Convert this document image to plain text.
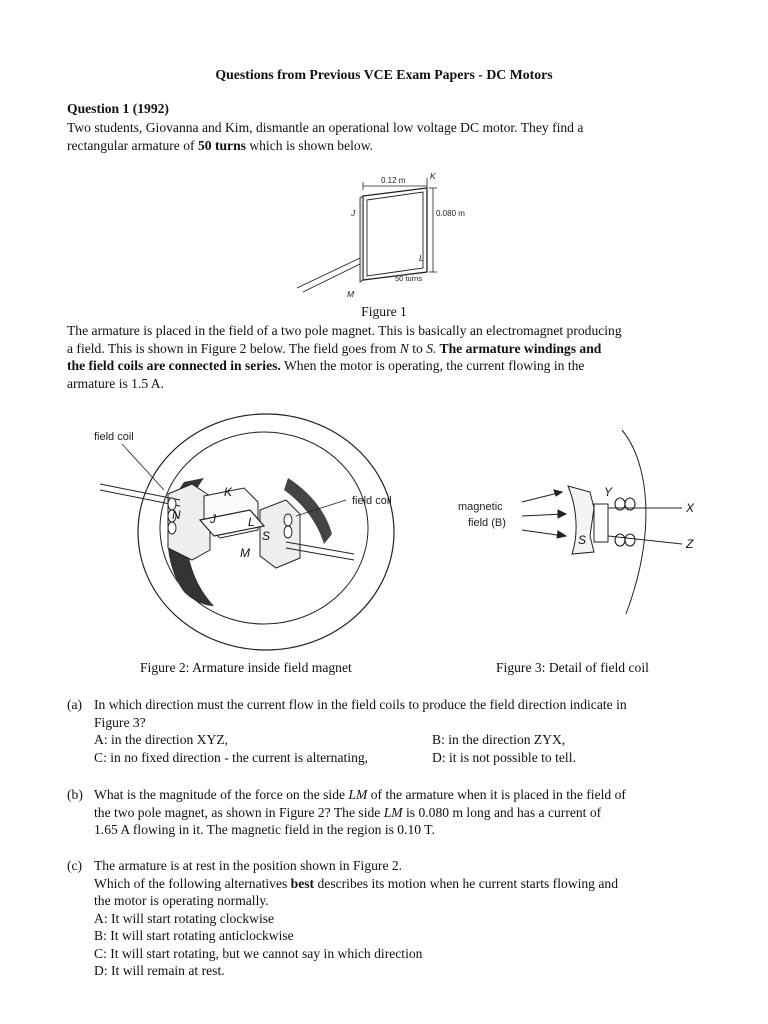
Questions from Previous VCE Exam Papers - DC Motors
Question 1 (1992)
Two students, Giovanna and Kim, dismantle an operational low voltage DC motor. They find a
rectangular armature of 50 turns which is shown below.
0.12 m	K
0.080 m
J
L
50 turns
M
Figure 1
The armature is placed in the field of a two pole magnet. This is basically an electromagnet producing
a field. This is shown in Figure 2 below. The field goes from N to S. The armature windings and
the field coils are connected in series. When the motor is operating, the current flowing in the
armature is 1.5 A.
field coil
field coil
N
K
J	L
M
S
Figure 2: Armature inside field magnet
magnetic
field (B)
X
Y
Z
S
Figure 3: Detail of field coil
(a) In which direction must the current flow in the field coils to produce the field direction indicate in
Figure 3?
A: in the direction XYZ,	B: in the direction ZYX,
C: in no fixed direction - the current is alternating,	D: it is not possible to tell.
(b) What is the magnitude of the force on the side LM of the armature when it is placed in the field of
the two pole magnet, as shown in Figure 2? The side LM is 0.080 m long and has a current of
1.65 A flowing in it. The magnetic field in the region is 0.10 T.
(c) The armature is at rest in the position shown in Figure 2.
Which of the following alternatives best describes its motion when he current starts flowing and
the motor is operating normally.
A: It will start rotating clockwise
B: It will start rotating anticlockwise
C: It will start rotating, but we cannot say in which direction
D: It will remain at rest.
